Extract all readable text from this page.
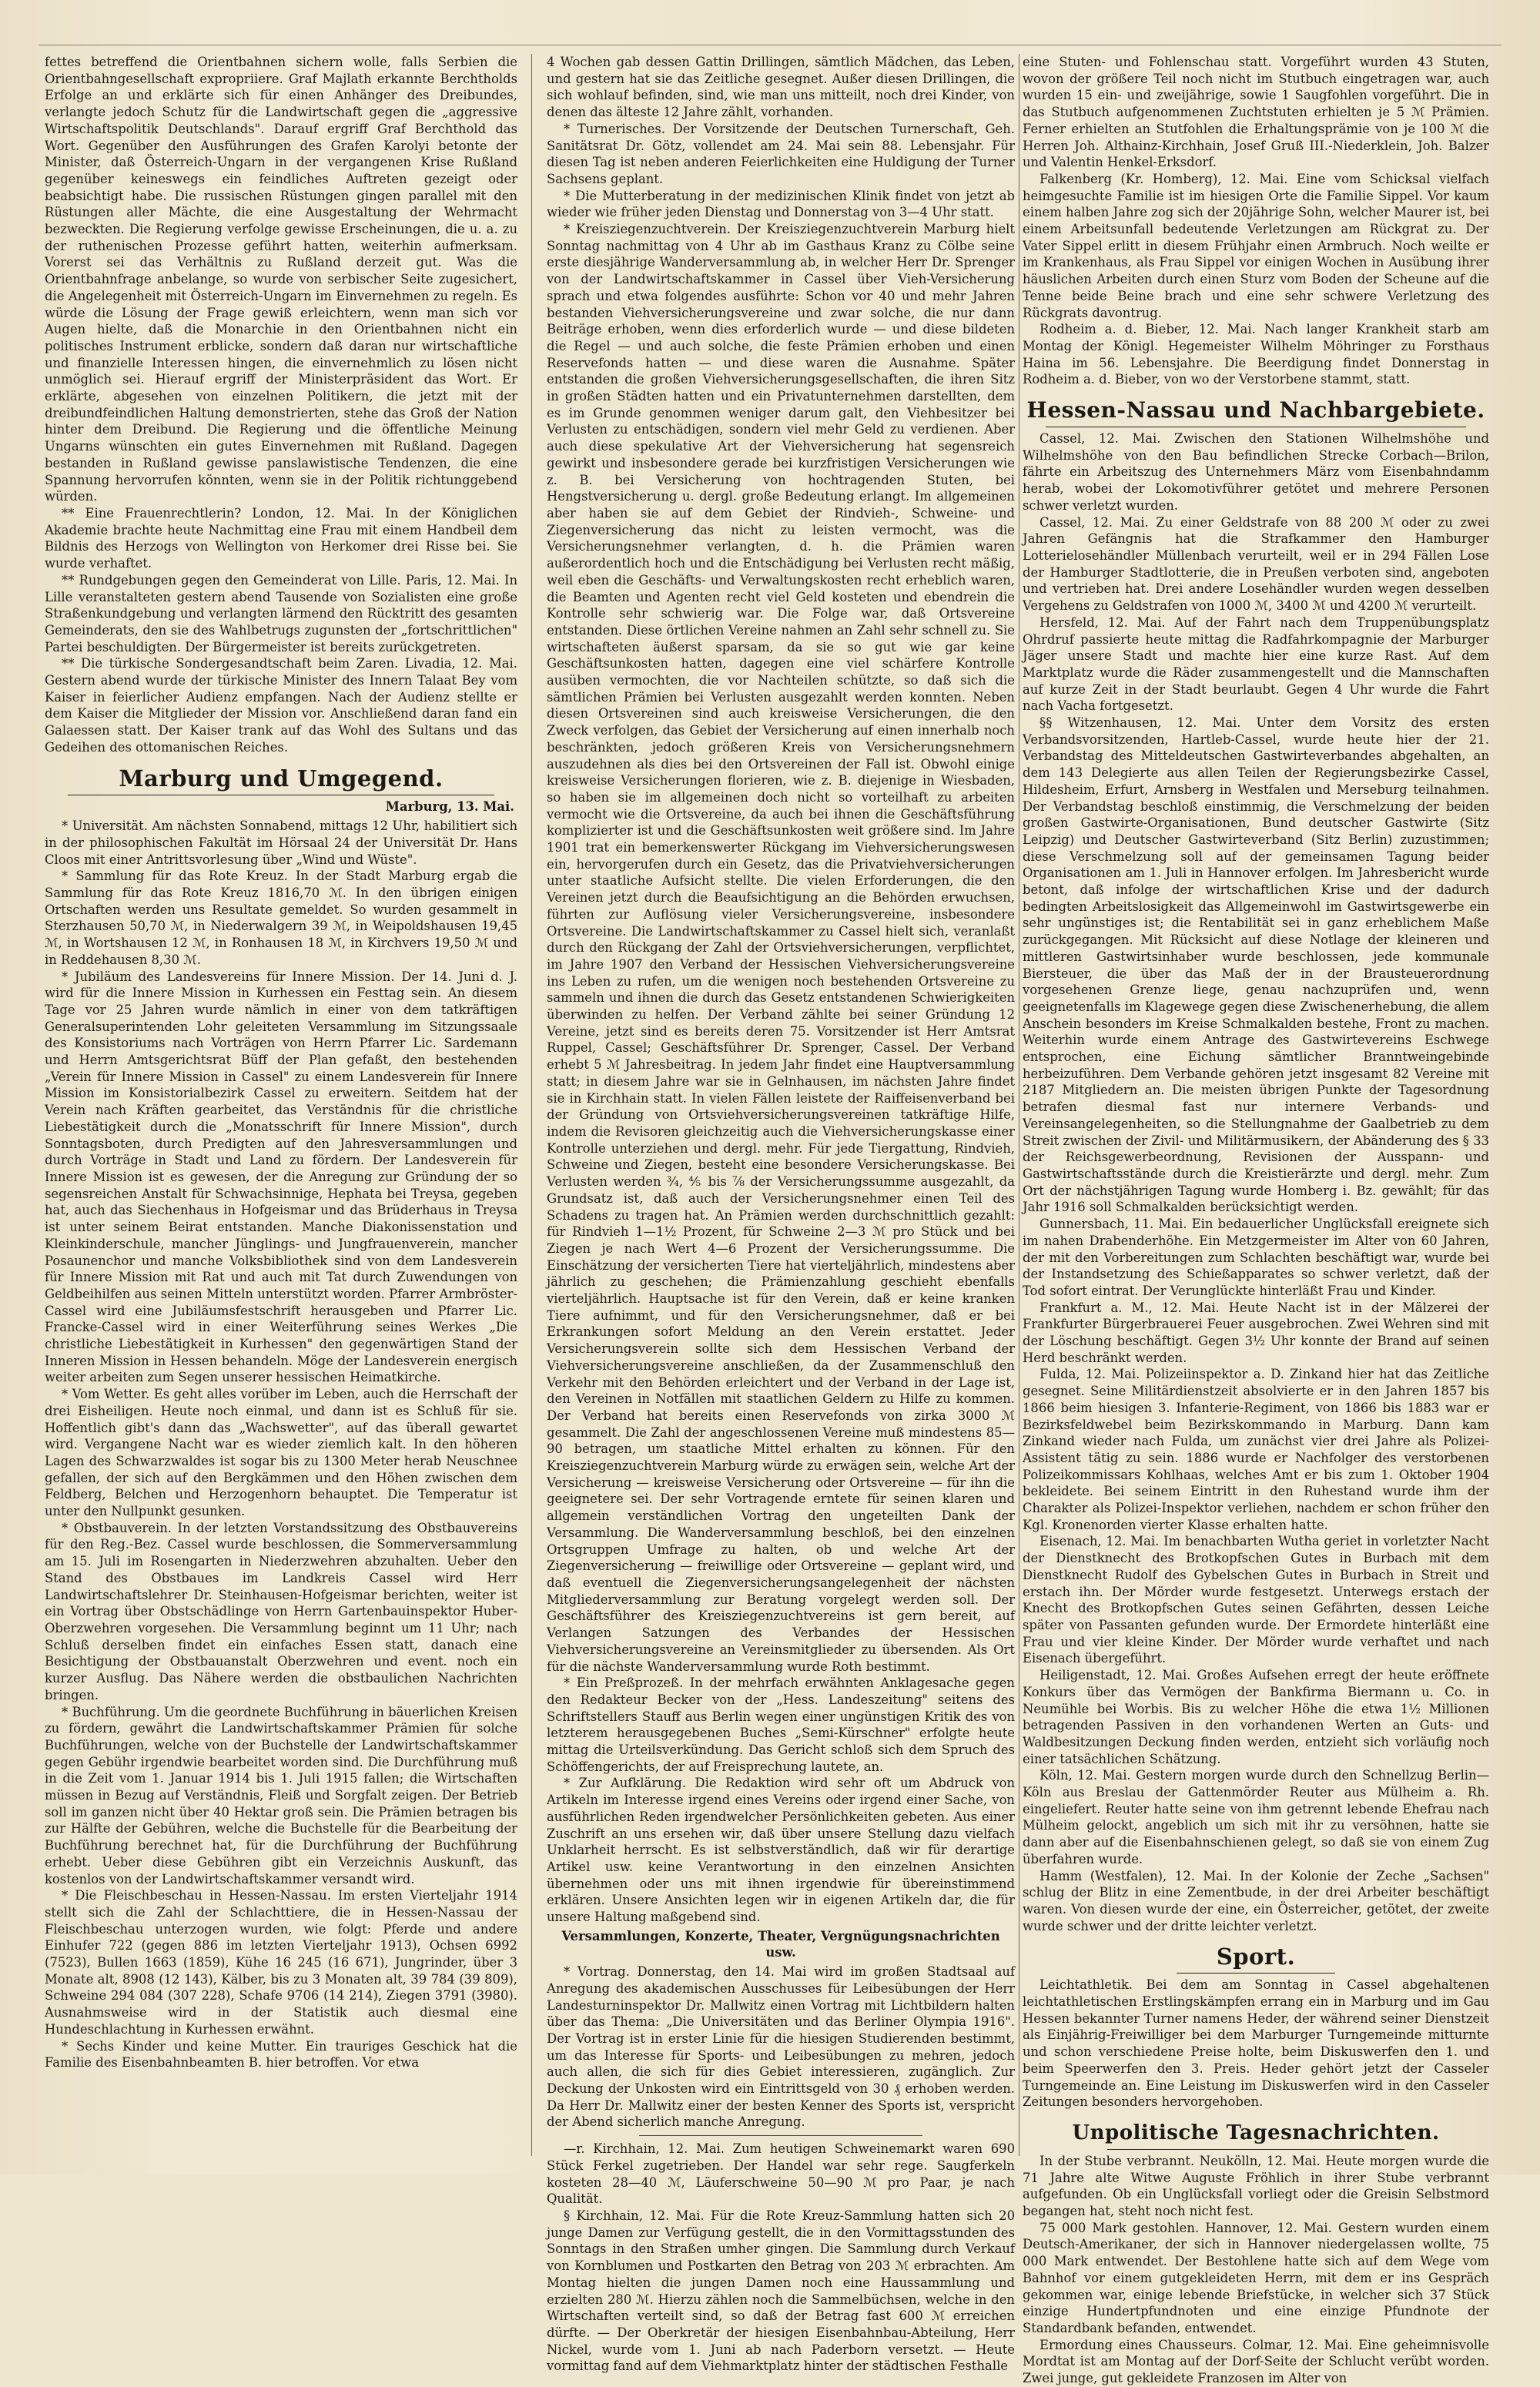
fettes betreffend die Orientbahnen sichern wolle, falls Serbien die Orientbahngesellschaft expropriiere. Graf Majlath erkannte Berchtholds Erfolge an und erklärte sich für einen Anhänger des Dreibundes, verlangte jedoch Schutz für die Landwirtschaft gegen die „aggressive Wirtschaftspolitik Deutschlands". Darauf ergriff Graf Berchthold das Wort. Gegenüber den Ausführungen des Grafen Karolyi betonte der Minister, daß Österreich-Ungarn in der vergangenen Krise Rußland gegenüber keineswegs ein feindliches Auftreten gezeigt oder beabsichtigt habe. Die russischen Rüstungen gingen parallel mit den Rüstungen aller Mächte, die eine Ausgestaltung der Wehrmacht bezweckten. Die Regierung verfolge gewisse Erscheinungen, die u. a. zu der ruthenischen Prozesse geführt hatten, weiterhin aufmerksam. Vorerst sei das Verhältnis zu Rußland derzeit gut. Was die Orientbahnfrage anbelange, so wurde von serbischer Seite zugesichert, die Angelegenheit mit Österreich-Ungarn im Einvernehmen zu regeln. Es würde die Lösung der Frage gewiß erleichtern, wenn man sich vor Augen hielte, daß die Monarchie in den Orientbahnen nicht ein politisches Instrument erblicke, sondern daß daran nur wirtschaftliche und finanzielle Interessen hingen, die einvernehmlich zu lösen nicht unmöglich sei. Hierauf ergriff der Ministerpräsident das Wort. Er erklärte, abgesehen von einzelnen Politikern, die jetzt mit der dreibundfeindlichen Haltung demonstrierten, stehe das Groß der Nation hinter dem Dreibund. Die Regierung und die öffentliche Meinung Ungarns wünschten ein gutes Einvernehmen mit Rußland. Dagegen bestanden in Rußland gewisse panslawistische Tendenzen, die eine Spannung hervorrufen könnten, wenn sie in der Politik richtunggebend würden.

** Eine Frauenrechtlerin? London, 12. Mai. In der Königlichen Akademie brachte heute Nachmittag eine Frau mit einem Handbeil dem Bildnis des Herzogs von Wellington von Herkomer drei Risse bei. Sie wurde verhaftet.

** Rundgebungen gegen den Gemeinderat von Lille. Paris, 12. Mai. In Lille veranstalteten gestern abend Tausende von Sozialisten eine große Straßenkundgebung und verlangten lärmend den Rücktritt des gesamten Gemeinderats, den sie des Wahlbetrugs zugunsten der „fortschrittlichen" Partei beschuldigten. Der Bürgermeister ist bereits zurückgetreten.

** Die türkische Sondergesandtschaft beim Zaren. Livadia, 12. Mai. Gestern abend wurde der türkische Minister des Innern Talaat Bey vom Kaiser in feierlicher Audienz empfangen. Nach der Audienz stellte er dem Kaiser die Mitglieder der Mission vor. Anschließend daran fand ein Galaessen statt. Der Kaiser trank auf das Wohl des Sultans und das Gedeihen des ottomanischen Reiches.

Marburg und Umgegend.

Marburg, 13. Mai.

* Universität. Am nächsten Sonnabend, mittags 12 Uhr, habilitiert sich in der philosophischen Fakultät im Hörsaal 24 der Universität Dr. Hans Cloos mit einer Antrittsvorlesung über „Wind und Wüste".

* Sammlung für das Rote Kreuz. In der Stadt Marburg ergab die Sammlung für das Rote Kreuz 1816,70 ℳ. In den übrigen einigen Ortschaften werden uns Resultate gemeldet. So wurden gesammelt in Sterzhausen 50,70 ℳ, in Niederwalgern 39 ℳ, in Weipoldshausen 19,45 ℳ, in Wortshausen 12 ℳ, in Ronhausen 18 ℳ, in Kirchvers 19,50 ℳ und in Reddehausen 8,30 ℳ.

* Jubiläum des Landesvereins für Innere Mission. Der 14. Juni d. J. wird für die Innere Mission in Kurhessen ein Festtag sein. An diesem Tage vor 25 Jahren wurde nämlich in einer von dem tatkräftigen Generalsuperintenden Lohr geleiteten Versammlung im Sitzungssaale des Konsistoriums nach Vorträgen von Herrn Pfarrer Lic. Sardemann und Herrn Amtsgerichtsrat Büff der Plan gefaßt, den bestehenden „Verein für Innere Mission in Cassel" zu einem Landesverein für Innere Mission im Konsistorialbezirk Cassel zu erweitern. Seitdem hat der Verein nach Kräften gearbeitet, das Verständnis für die christliche Liebestätigkeit durch die „Monatsschrift für Innere Mission", durch Sonntagsboten, durch Predigten auf den Jahresversammlungen und durch Vorträge in Stadt und Land zu fördern. Der Landesverein für Innere Mission ist es gewesen, der die Anregung zur Gründung der so segensreichen Anstalt für Schwachsinnige, Hephata bei Treysa, gegeben hat, auch das Siechenhaus in Hofgeismar und das Brüderhaus in Treysa ist unter seinem Beirat entstanden. Manche Diakonissenstation und Kleinkinderschule, mancher Jünglings- und Jungfrauenverein, mancher Posaunenchor und manche Volksbibliothek sind von dem Landesverein für Innere Mission mit Rat und auch mit Tat durch Zuwendungen von Geldbeihilfen aus seinen Mitteln unterstützt worden. Pfarrer Armbröster-Cassel wird eine Jubiläumsfestschrift herausgeben und Pfarrer Lic. Francke-Cassel wird in einer Weiterführung seines Werkes „Die christliche Liebestätigkeit in Kurhessen" den gegenwärtigen Stand der Inneren Mission in Hessen behandeln. Möge der Landesverein energisch weiter arbeiten zum Segen unserer hessischen Heimatkirche.

* Vom Wetter. Es geht alles vorüber im Leben, auch die Herrschaft der drei Eisheiligen. Heute noch einmal, und dann ist es Schluß für sie. Hoffentlich gibt's dann das „Wachswetter", auf das überall gewartet wird. Vergangene Nacht war es wieder ziemlich kalt. In den höheren Lagen des Schwarzwaldes ist sogar bis zu 1300 Meter herab Neuschnee gefallen, der sich auf den Bergkämmen und den Höhen zwischen dem Feldberg, Belchen und Herzogenhorn behauptet. Die Temperatur ist unter den Nullpunkt gesunken.

* Obstbauverein. In der letzten Vorstandssitzung des Obstbauvereins für den Reg.-Bez. Cassel wurde beschlossen, die Sommerversammlung am 15. Juli im Rosengarten in Niederzwehren abzuhalten. Ueber den Stand des Obstbaues im Landkreis Cassel wird Herr Landwirtschaftslehrer Dr. Steinhausen-Hofgeismar berichten, weiter ist ein Vortrag über Obstschädlinge von Herrn Gartenbauinspektor Huber-Oberzwehren vorgesehen. Die Versammlung beginnt um 11 Uhr; nach Schluß derselben findet ein einfaches Essen statt, danach eine Besichtigung der Obstbauanstalt Oberzwehren und event. noch ein kurzer Ausflug. Das Nähere werden die obstbaulichen Nachrichten bringen.

* Buchführung. Um die geordnete Buchführung in bäuerlichen Kreisen zu fördern, gewährt die Landwirtschaftskammer Prämien für solche Buchführungen, welche von der Buchstelle der Landwirtschaftskammer gegen Gebühr irgendwie bearbeitet worden sind. Die Durchführung muß in die Zeit vom 1. Januar 1914 bis 1. Juli 1915 fallen; die Wirtschaften müssen in Bezug auf Verständnis, Fleiß und Sorgfalt zeigen. Der Betrieb soll im ganzen nicht über 40 Hektar groß sein. Die Prämien betragen bis zur Hälfte der Gebühren, welche die Buchstelle für die Bearbeitung der Buchführung berechnet hat, für die Durchführung der Buchführung erhebt. Ueber diese Gebühren gibt ein Verzeichnis Auskunft, das kostenlos von der Landwirtschaftskammer versandt wird.

* Die Fleischbeschau in Hessen-Nassau. Im ersten Vierteljahr 1914 stellt sich die Zahl der Schlachttiere, die in Hessen-Nassau der Fleischbeschau unterzogen wurden, wie folgt: Pferde und andere Einhufer 722 (gegen 886 im letzten Vierteljahr 1913), Ochsen 6992 (7523), Bullen 1663 (1859), Kühe 16 245 (16 671), Jungrinder, über 3 Monate alt, 8908 (12 143), Kälber, bis zu 3 Monaten alt, 39 784 (39 809), Schweine 294 084 (307 228), Schafe 9706 (14 214), Ziegen 3791 (3980). Ausnahmsweise wird in der Statistik auch diesmal eine Hundeschlachtung in Kurhessen erwähnt.

* Sechs Kinder und keine Mutter. Ein trauriges Geschick hat die Familie des Eisenbahnbeamten B. hier betroffen. Vor etwa

4 Wochen gab dessen Gattin Drillingen, sämtlich Mädchen, das Leben, und gestern hat sie das Zeitliche gesegnet. Außer diesen Drillingen, die sich wohlauf befinden, sind, wie man uns mitteilt, noch drei Kinder, von denen das älteste 12 Jahre zählt, vorhanden.

* Turnerisches. Der Vorsitzende der Deutschen Turnerschaft, Geh. Sanitätsrat Dr. Götz, vollendet am 24. Mai sein 88. Lebensjahr. Für diesen Tag ist neben anderen Feierlichkeiten eine Huldigung der Turner Sachsens geplant.

* Die Mutterberatung in der medizinischen Klinik findet von jetzt ab wieder wie früher jeden Dienstag und Donnerstag von 3—4 Uhr statt.

* Kreisziegenzuchtverein. Der Kreisziegenzuchtverein Marburg hielt Sonntag nachmittag von 4 Uhr ab im Gasthaus Kranz zu Cölbe seine erste diesjährige Wanderversammlung ab, in welcher Herr Dr. Sprenger von der Landwirtschaftskammer in Cassel über Vieh-Versicherung sprach und etwa folgendes ausführte: Schon vor 40 und mehr Jahren bestanden Viehversicherungsvereine und zwar solche, die nur dann Beiträge erhoben, wenn dies erforderlich wurde — und diese bildeten die Regel — und auch solche, die feste Prämien erhoben und einen Reservefonds hatten — und diese waren die Ausnahme. Später entstanden die großen Viehversicherungsgesellschaften, die ihren Sitz in großen Städten hatten und ein Privatunternehmen darstellten, dem es im Grunde genommen weniger darum galt, den Viehbesitzer bei Verlusten zu entschädigen, sondern viel mehr Geld zu verdienen. Aber auch diese spekulative Art der Viehversicherung hat segensreich gewirkt und insbesondere gerade bei kurzfristigen Versicherungen wie z. B. bei Versicherung von hochtragenden Stuten, bei Hengstversicherung u. dergl. große Bedeutung erlangt. Im allgemeinen aber haben sie auf dem Gebiet der Rindvieh-, Schweine- und Ziegenversicherung das nicht zu leisten vermocht, was die Versicherungsnehmer verlangten, d. h. die Prämien waren außerordentlich hoch und die Entschädigung bei Verlusten recht mäßig, weil eben die Geschäfts- und Verwaltungskosten recht erheblich waren, die Beamten und Agenten recht viel Geld kosteten und ebendrein die Kontrolle sehr schwierig war. Die Folge war, daß Ortsvereine entstanden. Diese örtlichen Vereine nahmen an Zahl sehr schnell zu. Sie wirtschafteten äußerst sparsam, da sie so gut wie gar keine Geschäftsunkosten hatten, dagegen eine viel schärfere Kontrolle ausüben vermochten, die vor Nachteilen schützte, so daß sich die sämtlichen Prämien bei Verlusten ausgezahlt werden konnten. Neben diesen Ortsvereinen sind auch kreisweise Versicherungen, die den Zweck verfolgen, das Gebiet der Versicherung auf einen innerhalb noch beschränkten, jedoch größeren Kreis von Versicherungsnehmern auszudehnen als dies bei den Ortsvereinen der Fall ist. Obwohl einige kreisweise Versicherungen florieren, wie z. B. diejenige in Wiesbaden, so haben sie im allgemeinen doch nicht so vorteilhaft zu arbeiten vermocht wie die Ortsvereine, da auch bei ihnen die Geschäftsführung komplizierter ist und die Geschäftsunkosten weit größere sind. Im Jahre 1901 trat ein bemerkenswerter Rückgang im Viehversicherungswesen ein, hervorgerufen durch ein Gesetz, das die Privatviehversicherungen unter staatliche Aufsicht stellte. Die vielen Erforderungen, die den Vereinen jetzt durch die Beaufsichtigung an die Behörden erwuchsen, führten zur Auflösung vieler Versicherungsvereine, insbesondere Ortsvereine. Die Landwirtschaftskammer zu Cassel hielt sich, veranlaßt durch den Rückgang der Zahl der Ortsviehversicherungen, verpflichtet, im Jahre 1907 den Verband der Hessischen Viehversicherungsvereine ins Leben zu rufen, um die wenigen noch bestehenden Ortsvereine zu sammeln und ihnen die durch das Gesetz entstandenen Schwierigkeiten überwinden zu helfen. Der Verband zählte bei seiner Gründung 12 Vereine, jetzt sind es bereits deren 75. Vorsitzender ist Herr Amtsrat Ruppel, Cassel; Geschäftsführer Dr. Sprenger, Cassel. Der Verband erhebt 5 ℳ Jahresbeitrag. In jedem Jahr findet eine Hauptversammlung statt; in diesem Jahre war sie in Gelnhausen, im nächsten Jahre findet sie in Kirchhain statt. In vielen Fällen leistete der Raiffeisenverband bei der Gründung von Ortsviehversicherungsvereinen tatkräftige Hilfe, indem die Revisoren gleichzeitig auch die Viehversicherungskasse einer Kontrolle unterziehen und dergl. mehr. Für jede Tiergattung, Rindvieh, Schweine und Ziegen, besteht eine besondere Versicherungskasse. Bei Verlusten werden ¾, ⅘ bis ⅞ der Versicherungssumme ausgezahlt, da Grundsatz ist, daß auch der Versicherungsnehmer einen Teil des Schadens zu tragen hat. An Prämien werden durchschnittlich gezahlt: für Rindvieh 1—1½ Prozent, für Schweine 2—3 ℳ pro Stück und bei Ziegen je nach Wert 4—6 Prozent der Versicherungssumme. Die Einschätzung der versicherten Tiere hat vierteljährlich, mindestens aber jährlich zu geschehen; die Prämienzahlung geschieht ebenfalls vierteljährlich. Hauptsache ist für den Verein, daß er keine kranken Tiere aufnimmt, und für den Versicherungsnehmer, daß er bei Erkrankungen sofort Meldung an den Verein erstattet. Jeder Versicherungsverein sollte sich dem Hessischen Verband der Viehversicherungsvereine anschließen, da der Zusammenschluß den Verkehr mit den Behörden erleichtert und der Verband in der Lage ist, den Vereinen in Notfällen mit staatlichen Geldern zu Hilfe zu kommen. Der Verband hat bereits einen Reservefonds von zirka 3000 ℳ gesammelt. Die Zahl der angeschlossenen Vereine muß mindestens 85—90 betragen, um staatliche Mittel erhalten zu können. Für den Kreisziegenzuchtverein Marburg würde zu erwägen sein, welche Art der Versicherung — kreisweise Versicherung oder Ortsvereine — für ihn die geeignetere sei. Der sehr Vortragende erntete für seinen klaren und allgemein verständlichen Vortrag den ungeteilten Dank der Versammlung. Die Wanderversammlung beschloß, bei den einzelnen Ortsgruppen Umfrage zu halten, ob und welche Art der Ziegenversicherung — freiwillige oder Ortsvereine — geplant wird, und daß eventuell die Ziegenversicherungsangelegenheit der nächsten Mitgliederversammlung zur Beratung vorgelegt werden soll. Der Geschäftsführer des Kreisziegenzuchtvereins ist gern bereit, auf Verlangen Satzungen des Verbandes der Hessischen Viehversicherungsvereine an Vereinsmitglieder zu übersenden. Als Ort für die nächste Wanderversammlung wurde Roth bestimmt.

* Ein Preßprozeß. In der mehrfach erwähnten Anklagesache gegen den Redakteur Becker von der „Hess. Landeszeitung" seitens des Schriftstellers Stauff aus Berlin wegen einer ungünstigen Kritik des von letzterem herausgegebenen Buches „Semi-Kürschner" erfolgte heute mittag die Urteilsverkündung. Das Gericht schloß sich dem Spruch des Schöffengerichts, der auf Freisprechung lautete, an.

* Zur Aufklärung. Die Redaktion wird sehr oft um Abdruck von Artikeln im Interesse irgend eines Vereins oder irgend einer Sache, von ausführlichen Reden irgendwelcher Persönlichkeiten gebeten. Aus einer Zuschrift an uns ersehen wir, daß über unsere Stellung dazu vielfach Unklarheit herrscht. Es ist selbstverständlich, daß wir für derartige Artikel usw. keine Verantwortung in den einzelnen Ansichten übernehmen oder uns mit ihnen irgendwie für übereinstimmend erklären. Unsere Ansichten legen wir in eigenen Artikeln dar, die für unsere Haltung maßgebend sind.

Versammlungen, Konzerte, Theater, Vergnügungsnachrichten usw.

* Vortrag. Donnerstag, den 14. Mai wird im großen Stadtsaal auf Anregung des akademischen Ausschusses für Leibesübungen der Herr Landesturninspektor Dr. Mallwitz einen Vortrag mit Lichtbildern halten über das Thema: „Die Universitäten und das Berliner Olympia 1916". Der Vortrag ist in erster Linie für die hiesigen Studierenden bestimmt, um das Interesse für Sports- und Leibesübungen zu mehren, jedoch auch allen, die sich für dies Gebiet interessieren, zugänglich. Zur Deckung der Unkosten wird ein Eintrittsgeld von 30 ₰ erhoben werden. Da Herr Dr. Mallwitz einer der besten Kenner des Sports ist, verspricht der Abend sicherlich manche Anregung.

—r. Kirchhain, 12. Mai. Zum heutigen Schweinemarkt waren 690 Stück Ferkel zugetrieben. Der Handel war sehr rege. Saugferkeln kosteten 28—40 ℳ, Läuferschweine 50—90 ℳ pro Paar, je nach Qualität.

§ Kirchhain, 12. Mai. Für die Rote Kreuz-Sammlung hatten sich 20 junge Damen zur Verfügung gestellt, die in den Vormittagsstunden des Sonntags in den Straßen umher gingen. Die Sammlung durch Verkauf von Kornblumen und Postkarten den Betrag von 203 ℳ erbrachten. Am Montag hielten die jungen Damen noch eine Haussammlung und erzielten 280 ℳ. Hierzu zählen noch die Sammelbüchsen, welche in den Wirtschaften verteilt sind, so daß der Betrag fast 600 ℳ erreichen dürfte. — Der Oberkretär der hiesigen Eisenbahnbau-Abteilung, Herr Nickel, wurde vom 1. Juni ab nach Paderborn versetzt. — Heute vormittag fand auf dem Viehmarktplatz hinter der städtischen Festhalle

eine Stuten- und Fohlenschau statt. Vorgeführt wurden 43 Stuten, wovon der größere Teil noch nicht im Stutbuch eingetragen war, auch wurden 15 ein- und zweijährige, sowie 1 Saugfohlen vorgeführt. Die in das Stutbuch aufgenommenen Zuchtstuten erhielten je 5 ℳ Prämien. Ferner erhielten an Stutfohlen die Erhaltungsprämie von je 100 ℳ die Herren Joh. Althainz-Kirchhain, Josef Gruß III.-Niederklein, Joh. Balzer und Valentin Henkel-Erksdorf.

Falkenberg (Kr. Homberg), 12. Mai. Eine vom Schicksal vielfach heimgesuchte Familie ist im hiesigen Orte die Familie Sippel. Vor kaum einem halben Jahre zog sich der 20jährige Sohn, welcher Maurer ist, bei einem Arbeitsunfall bedeutende Verletzungen am Rückgrat zu. Der Vater Sippel erlitt in diesem Frühjahr einen Armbruch. Noch weilte er im Krankenhaus, als Frau Sippel vor einigen Wochen in Ausübung ihrer häuslichen Arbeiten durch einen Sturz vom Boden der Scheune auf die Tenne beide Beine brach und eine sehr schwere Verletzung des Rückgrats davontrug.

Rodheim a. d. Bieber, 12. Mai. Nach langer Krankheit starb am Montag der Königl. Hegemeister Wilhelm Möhringer zu Forsthaus Haina im 56. Lebensjahre. Die Beerdigung findet Donnerstag in Rodheim a. d. Bieber, von wo der Verstorbene stammt, statt.

Hessen-Nassau und Nachbargebiete.

Cassel, 12. Mai. Zwischen den Stationen Wilhelmshöhe und Wilhelmshöhe von den Bau befindlichen Strecke Corbach—Brilon, fährte ein Arbeitszug des Unternehmers März vom Eisenbahndamm herab, wobei der Lokomotivführer getötet und mehrere Personen schwer verletzt wurden.

Cassel, 12. Mai. Zu einer Geldstrafe von 88 200 ℳ oder zu zwei Jahren Gefängnis hat die Strafkammer den Hamburger Lotterielosehändler Müllenbach verurteilt, weil er in 294 Fällen Lose der Hamburger Stadtlotterie, die in Preußen verboten sind, angeboten und vertrieben hat. Drei andere Losehändler wurden wegen desselben Vergehens zu Geldstrafen von 1000 ℳ, 3400 ℳ und 4200 ℳ verurteilt.

Hersfeld, 12. Mai. Auf der Fahrt nach dem Truppenübungsplatz Ohrdruf passierte heute mittag die Radfahrkompagnie der Marburger Jäger unsere Stadt und machte hier eine kurze Rast. Auf dem Marktplatz wurde die Räder zusammengestellt und die Mannschaften auf kurze Zeit in der Stadt beurlaubt. Gegen 4 Uhr wurde die Fahrt nach Vacha fortgesetzt.

§§ Witzenhausen, 12. Mai. Unter dem Vorsitz des ersten Verbandsvorsitzenden, Hartleb-Cassel, wurde heute hier der 21. Verbandstag des Mitteldeutschen Gastwirteverbandes abgehalten, an dem 143 Delegierte aus allen Teilen der Regierungsbezirke Cassel, Hildesheim, Erfurt, Arnsberg in Westfalen und Merseburg teilnahmen. Der Verbandstag beschloß einstimmig, die Verschmelzung der beiden großen Gastwirte-Organisationen, Bund deutscher Gastwirte (Sitz Leipzig) und Deutscher Gastwirteverband (Sitz Berlin) zuzustimmen; diese Verschmelzung soll auf der gemeinsamen Tagung beider Organisationen am 1. Juli in Hannover erfolgen. Im Jahresbericht wurde betont, daß infolge der wirtschaftlichen Krise und der dadurch bedingten Arbeitslosigkeit das Allgemeinwohl im Gastwirtsgewerbe ein sehr ungünstiges ist; die Rentabilität sei in ganz erheblichem Maße zurückgegangen. Mit Rücksicht auf diese Notlage der kleineren und mittleren Gastwirtsinhaber wurde beschlossen, jede kommunale Biersteuer, die über das Maß der in der Brausteuerordnung vorgesehenen Grenze liege, genau nachzuprüfen und, wenn geeignetenfalls im Klagewege gegen diese Zwischenerhebung, die allem Anschein besonders im Kreise Schmalkalden bestehe, Front zu machen. Weiterhin wurde einem Antrage des Gastwirtevereins Eschwege entsprochen, eine Eichung sämtlicher Branntweingebinde herbeizuführen. Dem Verbande gehören jetzt insgesamt 82 Vereine mit 2187 Mitgliedern an. Die meisten übrigen Punkte der Tagesordnung betrafen diesmal fast nur internere Verbands- und Vereinsangelegenheiten, so die Stellungnahme der Gaalbetrieb zu dem Streit zwischen der Zivil- und Militärmusikern, der Abänderung des § 33 der Reichsgewerbeordnung, Revisionen der Ausspann- und Gastwirtschaftsstände durch die Kreistierärzte und dergl. mehr. Zum Ort der nächstjährigen Tagung wurde Homberg i. Bz. gewählt; für das Jahr 1916 soll Schmalkalden berücksichtigt werden.

Gunnersbach, 11. Mai. Ein bedauerlicher Unglücksfall ereignete sich im nahen Drabenderhöhe. Ein Metzgermeister im Alter von 60 Jahren, der mit den Vorbereitungen zum Schlachten beschäftigt war, wurde bei der Instandsetzung des Schießapparates so schwer verletzt, daß der Tod sofort eintrat. Der Verunglückte hinterläßt Frau und Kinder.

Frankfurt a. M., 12. Mai. Heute Nacht ist in der Mälzerei der Frankfurter Bürgerbrauerei Feuer ausgebrochen. Zwei Wehren sind mit der Löschung beschäftigt. Gegen 3½ Uhr konnte der Brand auf seinen Herd beschränkt werden.

Fulda, 12. Mai. Polizeiinspektor a. D. Zinkand hier hat das Zeitliche gesegnet. Seine Militärdienstzeit absolvierte er in den Jahren 1857 bis 1866 beim hiesigen 3. Infanterie-Regiment, von 1866 bis 1883 war er Bezirksfeldwebel beim Bezirkskommando in Marburg. Dann kam Zinkand wieder nach Fulda, um zunächst vier drei Jahre als Polizei-Assistent tätig zu sein. 1886 wurde er Nachfolger des verstorbenen Polizeikommissars Kohlhaas, welches Amt er bis zum 1. Oktober 1904 bekleidete. Bei seinem Eintritt in den Ruhestand wurde ihm der Charakter als Polizei-Inspektor verliehen, nachdem er schon früher den Kgl. Kronenorden vierter Klasse erhalten hatte.

Eisenach, 12. Mai. Im benachbarten Wutha geriet in vorletzter Nacht der Dienstknecht des Brotkopfschen Gutes in Burbach mit dem Dienstknecht Rudolf des Gybelschen Gutes in Burbach in Streit und erstach ihn. Der Mörder wurde festgesetzt. Unterwegs erstach der Knecht des Brotkopfschen Gutes seinen Gefährten, dessen Leiche später von Passanten gefunden wurde. Der Ermordete hinterläßt eine Frau und vier kleine Kinder. Der Mörder wurde verhaftet und nach Eisenach übergeführt.

Heiligenstadt, 12. Mai. Großes Aufsehen erregt der heute eröffnete Konkurs über das Vermögen der Bankfirma Biermann u. Co. in Neumühle bei Worbis. Bis zu welcher Höhe die etwa 1½ Millionen betragenden Passiven in den vorhandenen Werten an Guts- und Waldbesitzungen Deckung finden werden, entzieht sich vorläufig noch einer tatsächlichen Schätzung.

Köln, 12. Mai. Gestern morgen wurde durch den Schnellzug Berlin—Köln aus Breslau der Gattenmörder Reuter aus Mülheim a. Rh. eingeliefert. Reuter hatte seine von ihm getrennt lebende Ehefrau nach Mülheim gelockt, angeblich um sich mit ihr zu versöhnen, hatte sie dann aber auf die Eisenbahnschienen gelegt, so daß sie von einem Zug überfahren wurde.

Hamm (Westfalen), 12. Mai. In der Kolonie der Zeche „Sachsen" schlug der Blitz in eine Zementbude, in der drei Arbeiter beschäftigt waren. Von diesen wurde der eine, ein Österreicher, getötet, der zweite wurde schwer und der dritte leichter verletzt.

Sport.

Leichtathletik. Bei dem am Sonntag in Cassel abgehaltenen leichtathletischen Erstlingskämpfen errang ein in Marburg und im Gau Hessen bekannter Turner namens Heder, der während seiner Dienstzeit als Einjährig-Freiwilliger bei dem Marburger Turngemeinde mitturnte und schon verschiedene Preise holte, beim Diskuswerfen den 1. und beim Speerwerfen den 3. Preis. Heder gehört jetzt der Casseler Turngemeinde an. Eine Leistung im Diskuswerfen wird in den Casseler Zeitungen besonders hervorgehoben.

Unpolitische Tagesnachrichten.

In der Stube verbrannt. Neukölln, 12. Mai. Heute morgen wurde die 71 Jahre alte Witwe Auguste Fröhlich in ihrer Stube verbrannt aufgefunden. Ob ein Unglücksfall vorliegt oder die Greisin Selbstmord begangen hat, steht noch nicht fest.

75 000 Mark gestohlen. Hannover, 12. Mai. Gestern wurden einem Deutsch-Amerikaner, der sich in Hannover niedergelassen wollte, 75 000 Mark entwendet. Der Bestohlene hatte sich auf dem Wege vom Bahnhof vor einem gutgekleideten Herrn, mit dem er ins Gespräch gekommen war, einige lebende Briefstücke, in welcher sich 37 Stück einzige Hundertpfundnoten und eine einzige Pfundnote der Standardbank befanden, entwendet.

Ermordung eines Chausseurs. Colmar, 12. Mai. Eine geheimnisvolle Mordtat ist am Montag auf der Dorf-Seite der Schlucht verübt worden. Zwei junge, gut gekleidete Franzosen im Alter von
